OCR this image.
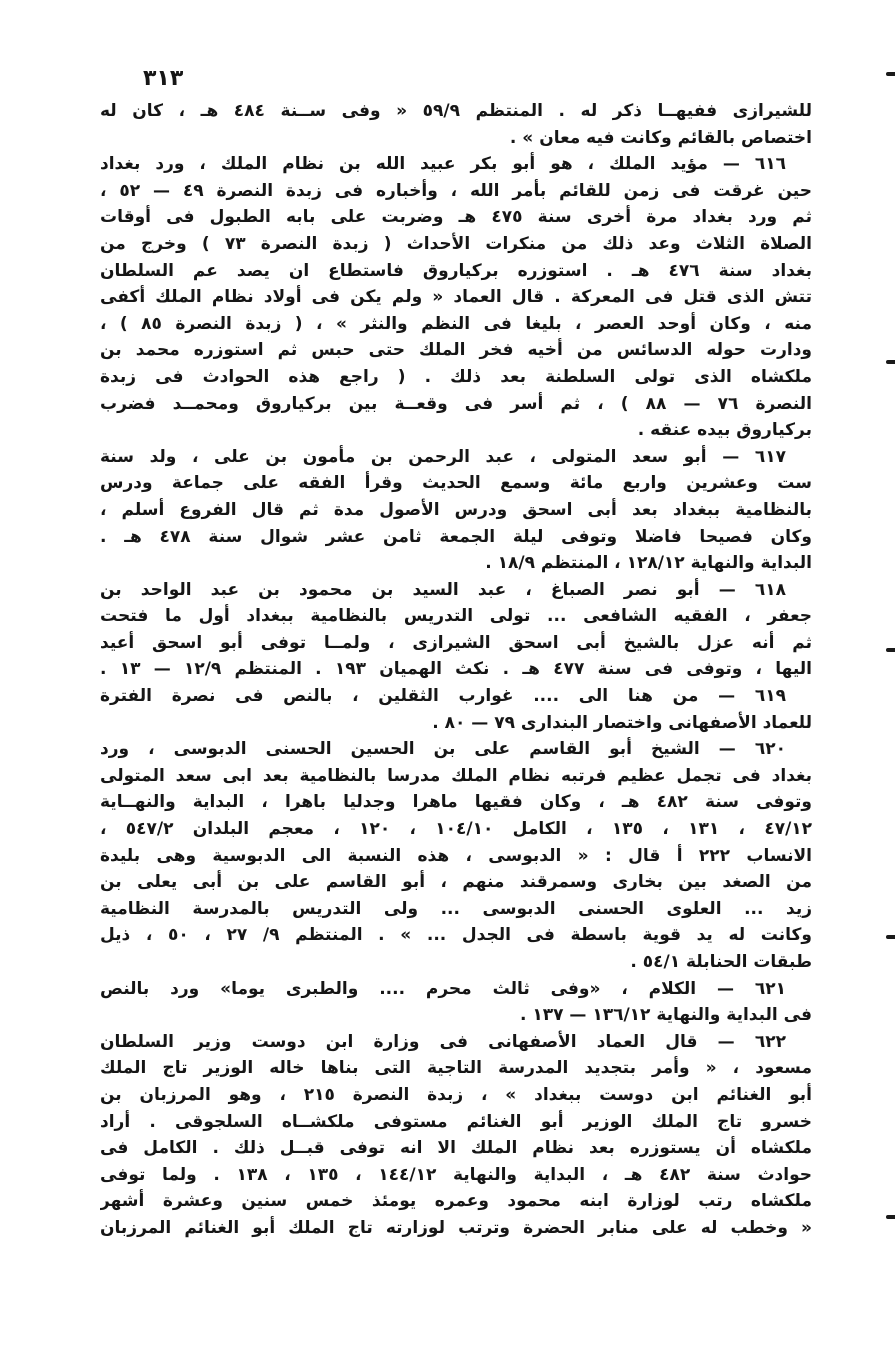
٣١٣
للشيرازى ففيهــا ذكر له . المنتظم ٥٩/٩ « وفى ســنة ٤٨٤ هـ ، كان له
اختصاص بالقائم وكانت فيه معان » .
٦١٦ — مؤيد الملك ، هو أبو بكر عبيد الله بن نظام الملك ، ورد بغداد
حين غرقت فى زمن للقائم بأمر الله ، وأخباره فى زبدة النصرة ٤٩ — ٥٢ ،
ثم ورد بغداد مرة أخرى سنة ٤٧٥ هـ وضربت على بابه الطبول فى أوقات
الصلاة الثلاث وعد ذلك من منكرات الأحداث ( زبدة النصرة ٧٣ ) وخرج من
بغداد سنة ٤٧٦ هـ . استوزره بركياروق فاستطاع ان يصد عم السلطان
تتش الذى قتل فى المعركة . قال العماد « ولم يكن فى أولاد نظام الملك أكفى
منه ، وكان أوحد العصر ، بليغا فى النظم والنثر » ، ( زبدة النصرة ٨٥ ) ،
ودارت حوله الدسائس من أخيه فخر الملك حتى حبس ثم استوزره محمد بن
ملكشاه الذى تولى السلطنة بعد ذلك . ( راجع هذه الحوادث فى زبدة
النصرة ٧٦ — ٨٨ ) ، ثم أسر فى وقعــة بين بركياروق ومحمــد فضرب
بركياروق بيده عنقه .
٦١٧ — أبو سعد المتولى ، عبد الرحمن بن مأمون بن على ، ولد سنة
ست وعشرين واربع مائة وسمع الحديث وقرأ الفقه على جماعة ودرس
بالنظامية ببغداد بعد أبى اسحق ودرس الأصول مدة ثم قال الفروع أسلم ،
وكان فصيحا فاضلا وتوفى ليلة الجمعة ثامن عشر شوال سنة ٤٧٨ هـ .
البداية والنهاية ١٢٨/١٢ ، المنتظم ١٨/٩ .
٦١٨ — أبو نصر الصباغ ، عبد السيد بن محمود بن عبد الواحد بن
جعفر ، الفقيه الشافعى ... تولى التدريس بالنظامية ببغداد أول ما فتحت
ثم أنه عزل بالشيخ أبى اسحق الشيرازى ، ولمــا توفى أبو اسحق أعيد
اليها ، وتوفى فى سنة ٤٧٧ هـ . نكث الهميان ١٩٣ . المنتظم ١٢/٩ — ١٣ .
٦١٩ — من هنا الى .... غوارب الثقلين ، بالنص فى نصرة الفترة
للعماد الأصفهانى واختصار البندارى ٧٩ — ٨٠ .
٦٢٠ — الشيخ أبو القاسم على بن الحسين الحسنى الدبوسى ، ورد
بغداد فى تجمل عظيم فرتبه نظام الملك مدرسا بالنظامية بعد ابى سعد المتولى
وتوفى سنة ٤٨٢ هـ ، وكان فقيها ماهرا وجدليا باهرا ، البداية والنهــاية
٤٧/١٢ ، ١٣١ ، ١٣٥ ، الكامل ١٠٤/١٠ ، ١٢٠ ، معجم البلدان ٥٤٧/٢ ،
الانساب ٢٢٢ أ قال : « الدبوسى ، هذه النسبة الى الدبوسية وهى بليدة
من الصغد بين بخارى وسمرقند منهم ، أبو القاسم على بن أبى يعلى بن
زيد ... العلوى الحسنى الدبوسى ... ولى التدريس بالمدرسة النظامية
وكانت له يد قوية باسطة فى الجدل ... » . المنتظم ٩/ ٢٧ ، ٥٠ ، ذيل
طبقات الحنابلة ٥٤/١ .
٦٢١ — الكلام ، «وفى ثالث محرم .... والطبرى يوما» ورد بالنص
فى البداية والنهاية ١٣٦/١٢ — ١٣٧ .
٦٢٢ — قال العماد الأصفهانى فى وزارة ابن دوست وزير السلطان
مسعود ، « وأمر بتجديد المدرسة التاجية التى بناها خاله الوزير تاج الملك
أبو الغنائم ابن دوست ببغداد » ، زبدة النصرة ٢١٥ ، وهو المرزبان بن
خسرو تاج الملك الوزير أبو الغنائم مستوفى ملكشــاه السلجوقى . أراد
ملكشاه أن يستوزره بعد نظام الملك الا انه توفى قبــل ذلك . الكامل فى
حوادث سنة ٤٨٢ هـ ، البداية والنهاية ١٤٤/١٢ ، ١٣٥ ، ١٣٨ . ولما توفى
ملكشاه رتب لوزارة ابنه محمود وعمره يومئذ خمس سنين وعشرة أشهر
« وخطب له على منابر الحضرة وترتب لوزارته تاج الملك أبو الغنائم المرزبان
